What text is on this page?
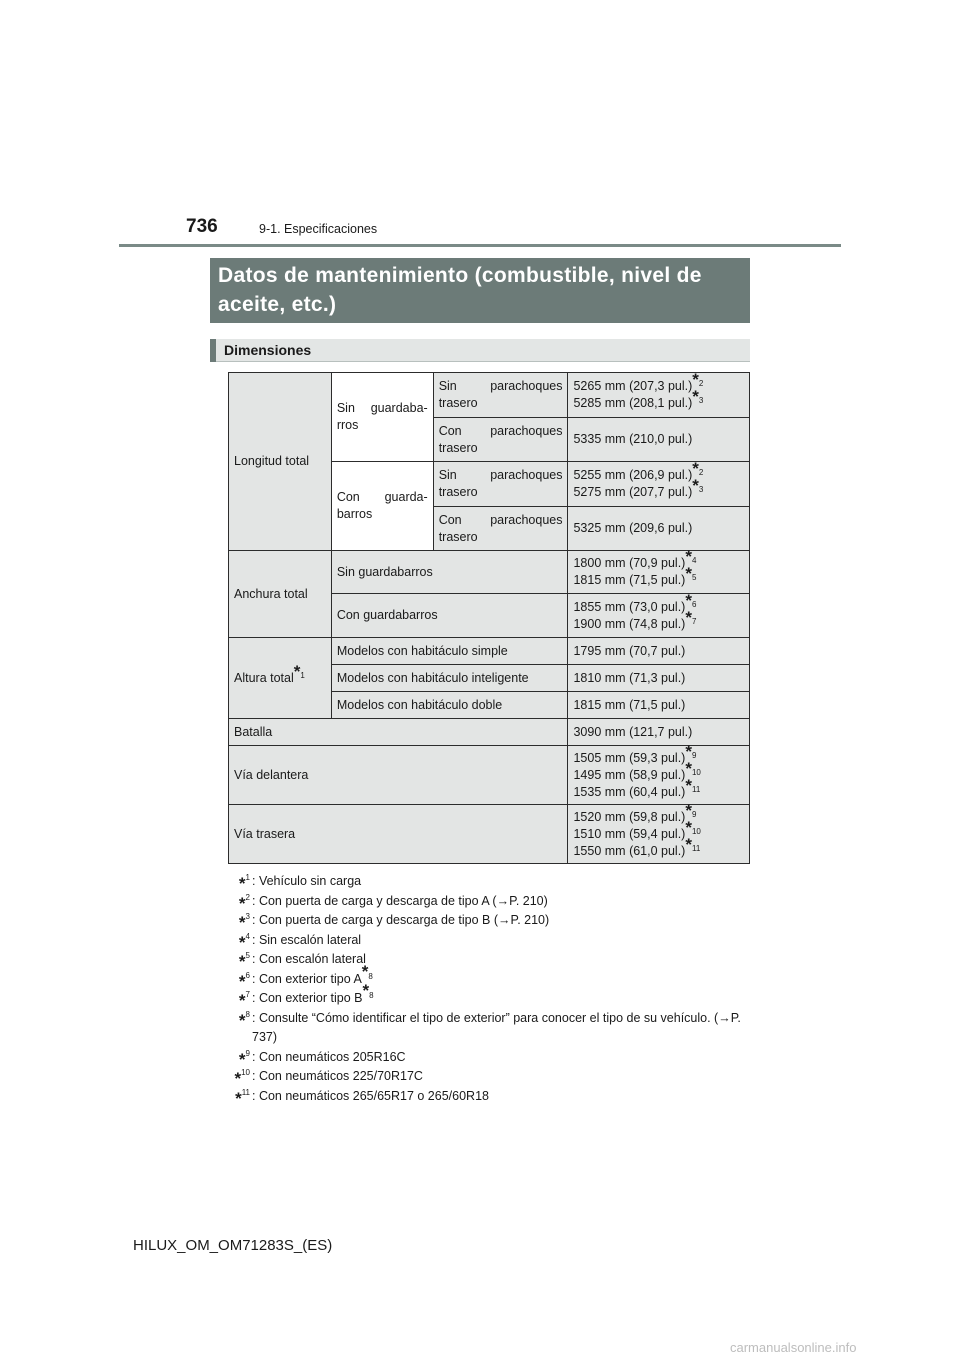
736	9-1. Especificaciones
Datos de mantenimiento (combustible, nivel de aceite, etc.)
Dimensiones
Longitud total	Sin guardaba-rros	Sin parachoques trasero	5265 mm (207,3 pul.)*$^2$
5285 mm (208,1 pul.)*$^3$

		Con parachoques trasero	5335 mm (210,0 pul.)

	Con guarda-barros	Sin parachoques trasero	5255 mm (206,9 pul.)*$^2$
5275 mm (207,7 pul.)*$^3$

		Con parachoques trasero	5325 mm (209,6 pul.)
Anchura total	Sin guardabarros		1800 mm (70,9 pul.)*$^4$
1815 mm (71,5 pul.)*$^5$

	Con guardabarros		1855 mm (73,0 pul.)*$^6$
1900 mm (74,8 pul.)*$^7$

Altura total*$^1$	Modelos con habitáculo simple		1795 mm (70,7 pul.)
	Modelos con habitáculo inteligente		1810 mm (71,3 pul.)
	Modelos con habitáculo doble		1815 mm (71,5 pul.)
Batalla			3090 mm (121,7 pul.)
Vía delantera			1505 mm (59,3 pul.)*$^9$
1495 mm (58,9 pul.)*$^{10}$
1535 mm (60,4 pul.)*$^{11}$

Vía trasera			1520 mm (59,8 pul.)*$^9$
1510 mm (59,4 pul.)*$^{10}$
1550 mm (61,0 pul.)*$^{11}$
*$^1$ : Vehículo sin carga
*$^2$ : Con puerta de carga y descarga de tipo A (→P. 210)
*$^3$ : Con puerta de carga y descarga de tipo B (→P. 210)
*$^4$ : Sin escalón lateral
*$^5$ : Con escalón lateral
*$^6$ : Con exterior tipo A*$^8$
*$^7$ : Con exterior tipo B*$^8$
*$^8$ : Consulte “Cómo identificar el tipo de exterior” para conocer el tipo de su vehículo. (→P. 737)
*$^9$ : Con neumáticos 205R16C
*$^{10}$ : Con neumáticos 225/70R17C
*$^{11}$ : Con neumáticos 265/65R17 o 265/60R18
HILUX_OM_OM71283S_(ES)
carmanualsonline.info
